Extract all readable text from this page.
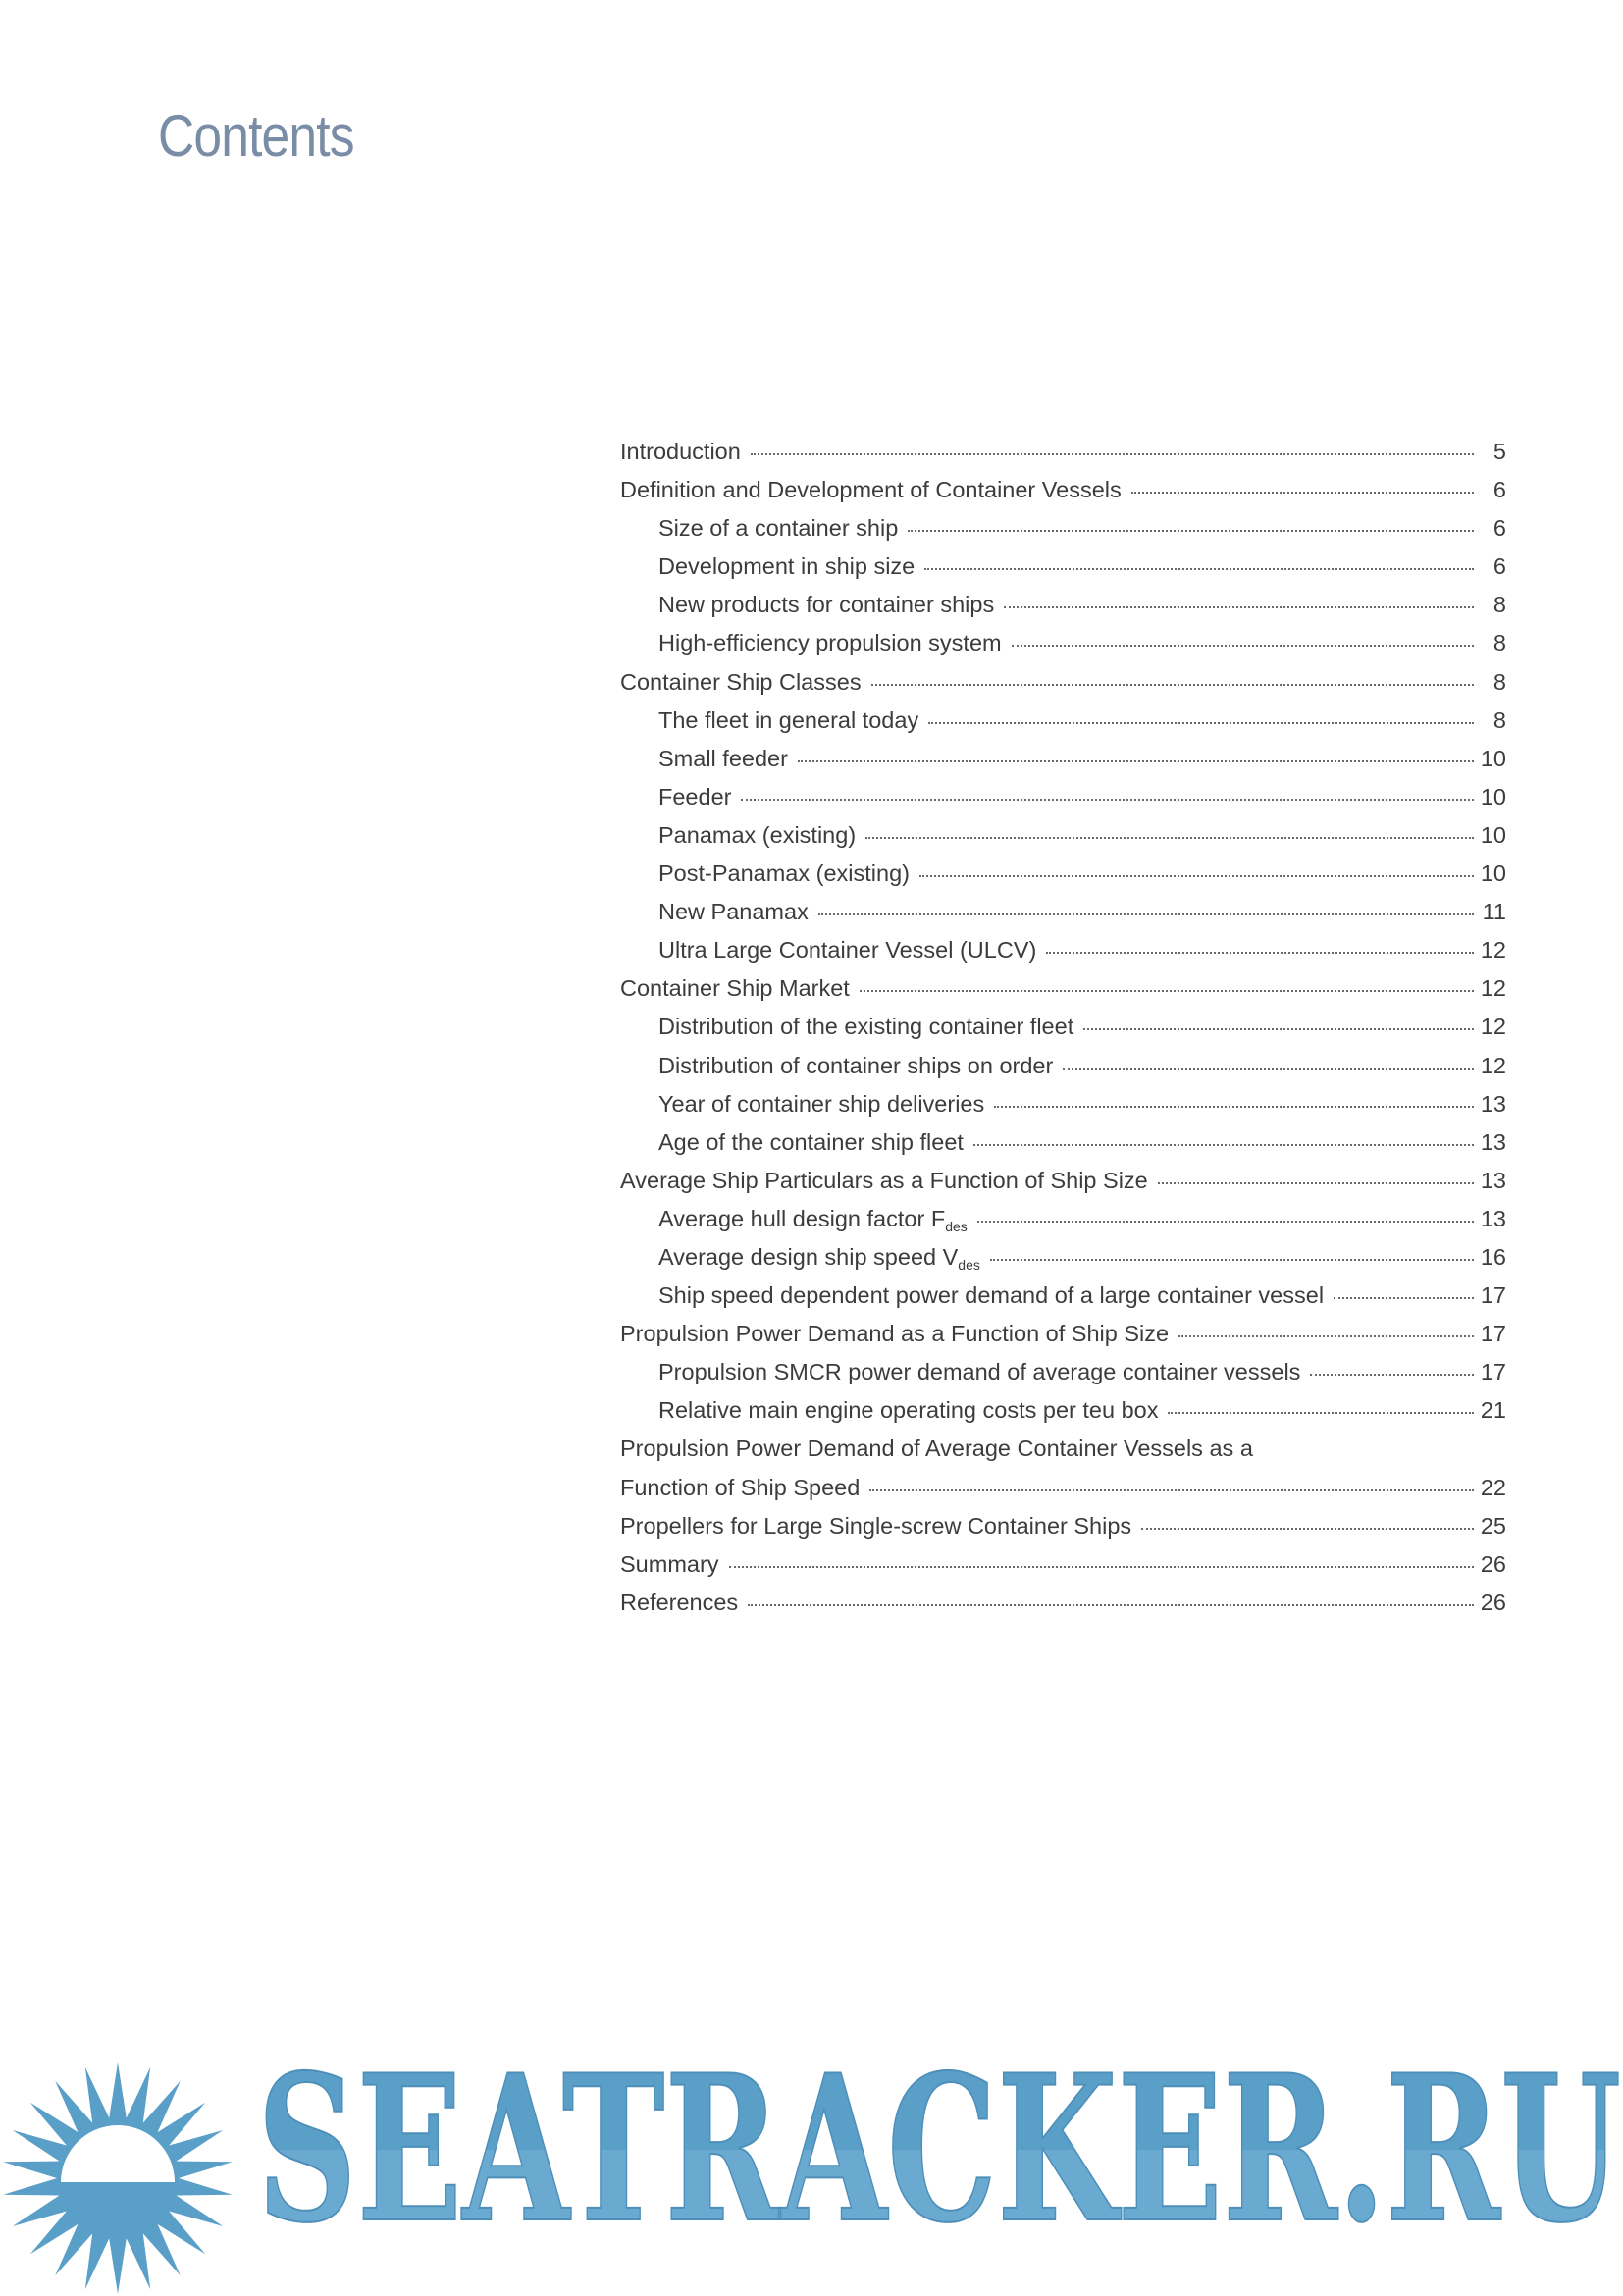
Contents
Introduction	5
Definition and Development of Container Vessels	6
Size of a container ship	6
Development in ship size	6
New products for container ships	8
High-efficiency propulsion system	8
Container Ship Classes	8
The fleet in general today	8
Small feeder	10
Feeder	10
Panamax (existing)	10
Post-Panamax (existing)	10
New Panamax	11
Ultra Large Container Vessel (ULCV)	12
Container Ship Market	12
Distribution of the existing container fleet	12
Distribution of container ships on order	12
Year of container ship deliveries	13
Age of the container ship fleet	13
Average Ship Particulars as a Function of Ship Size	13
Average hull design factor $F_{des}$	13
Average design ship speed $V_{des}$	16
Ship speed dependent power demand of a large container vessel	17
Propulsion Power Demand as a Function of Ship Size	17
Propulsion SMCR power demand of average container vessels	17
Relative main engine operating costs per teu box	21
Propulsion Power Demand of Average Container Vessels as a
Function of Ship Speed	22
Propellers for Large Single-screw Container Ships	25
Summary	26
References	26
SEATRACKER.RU
